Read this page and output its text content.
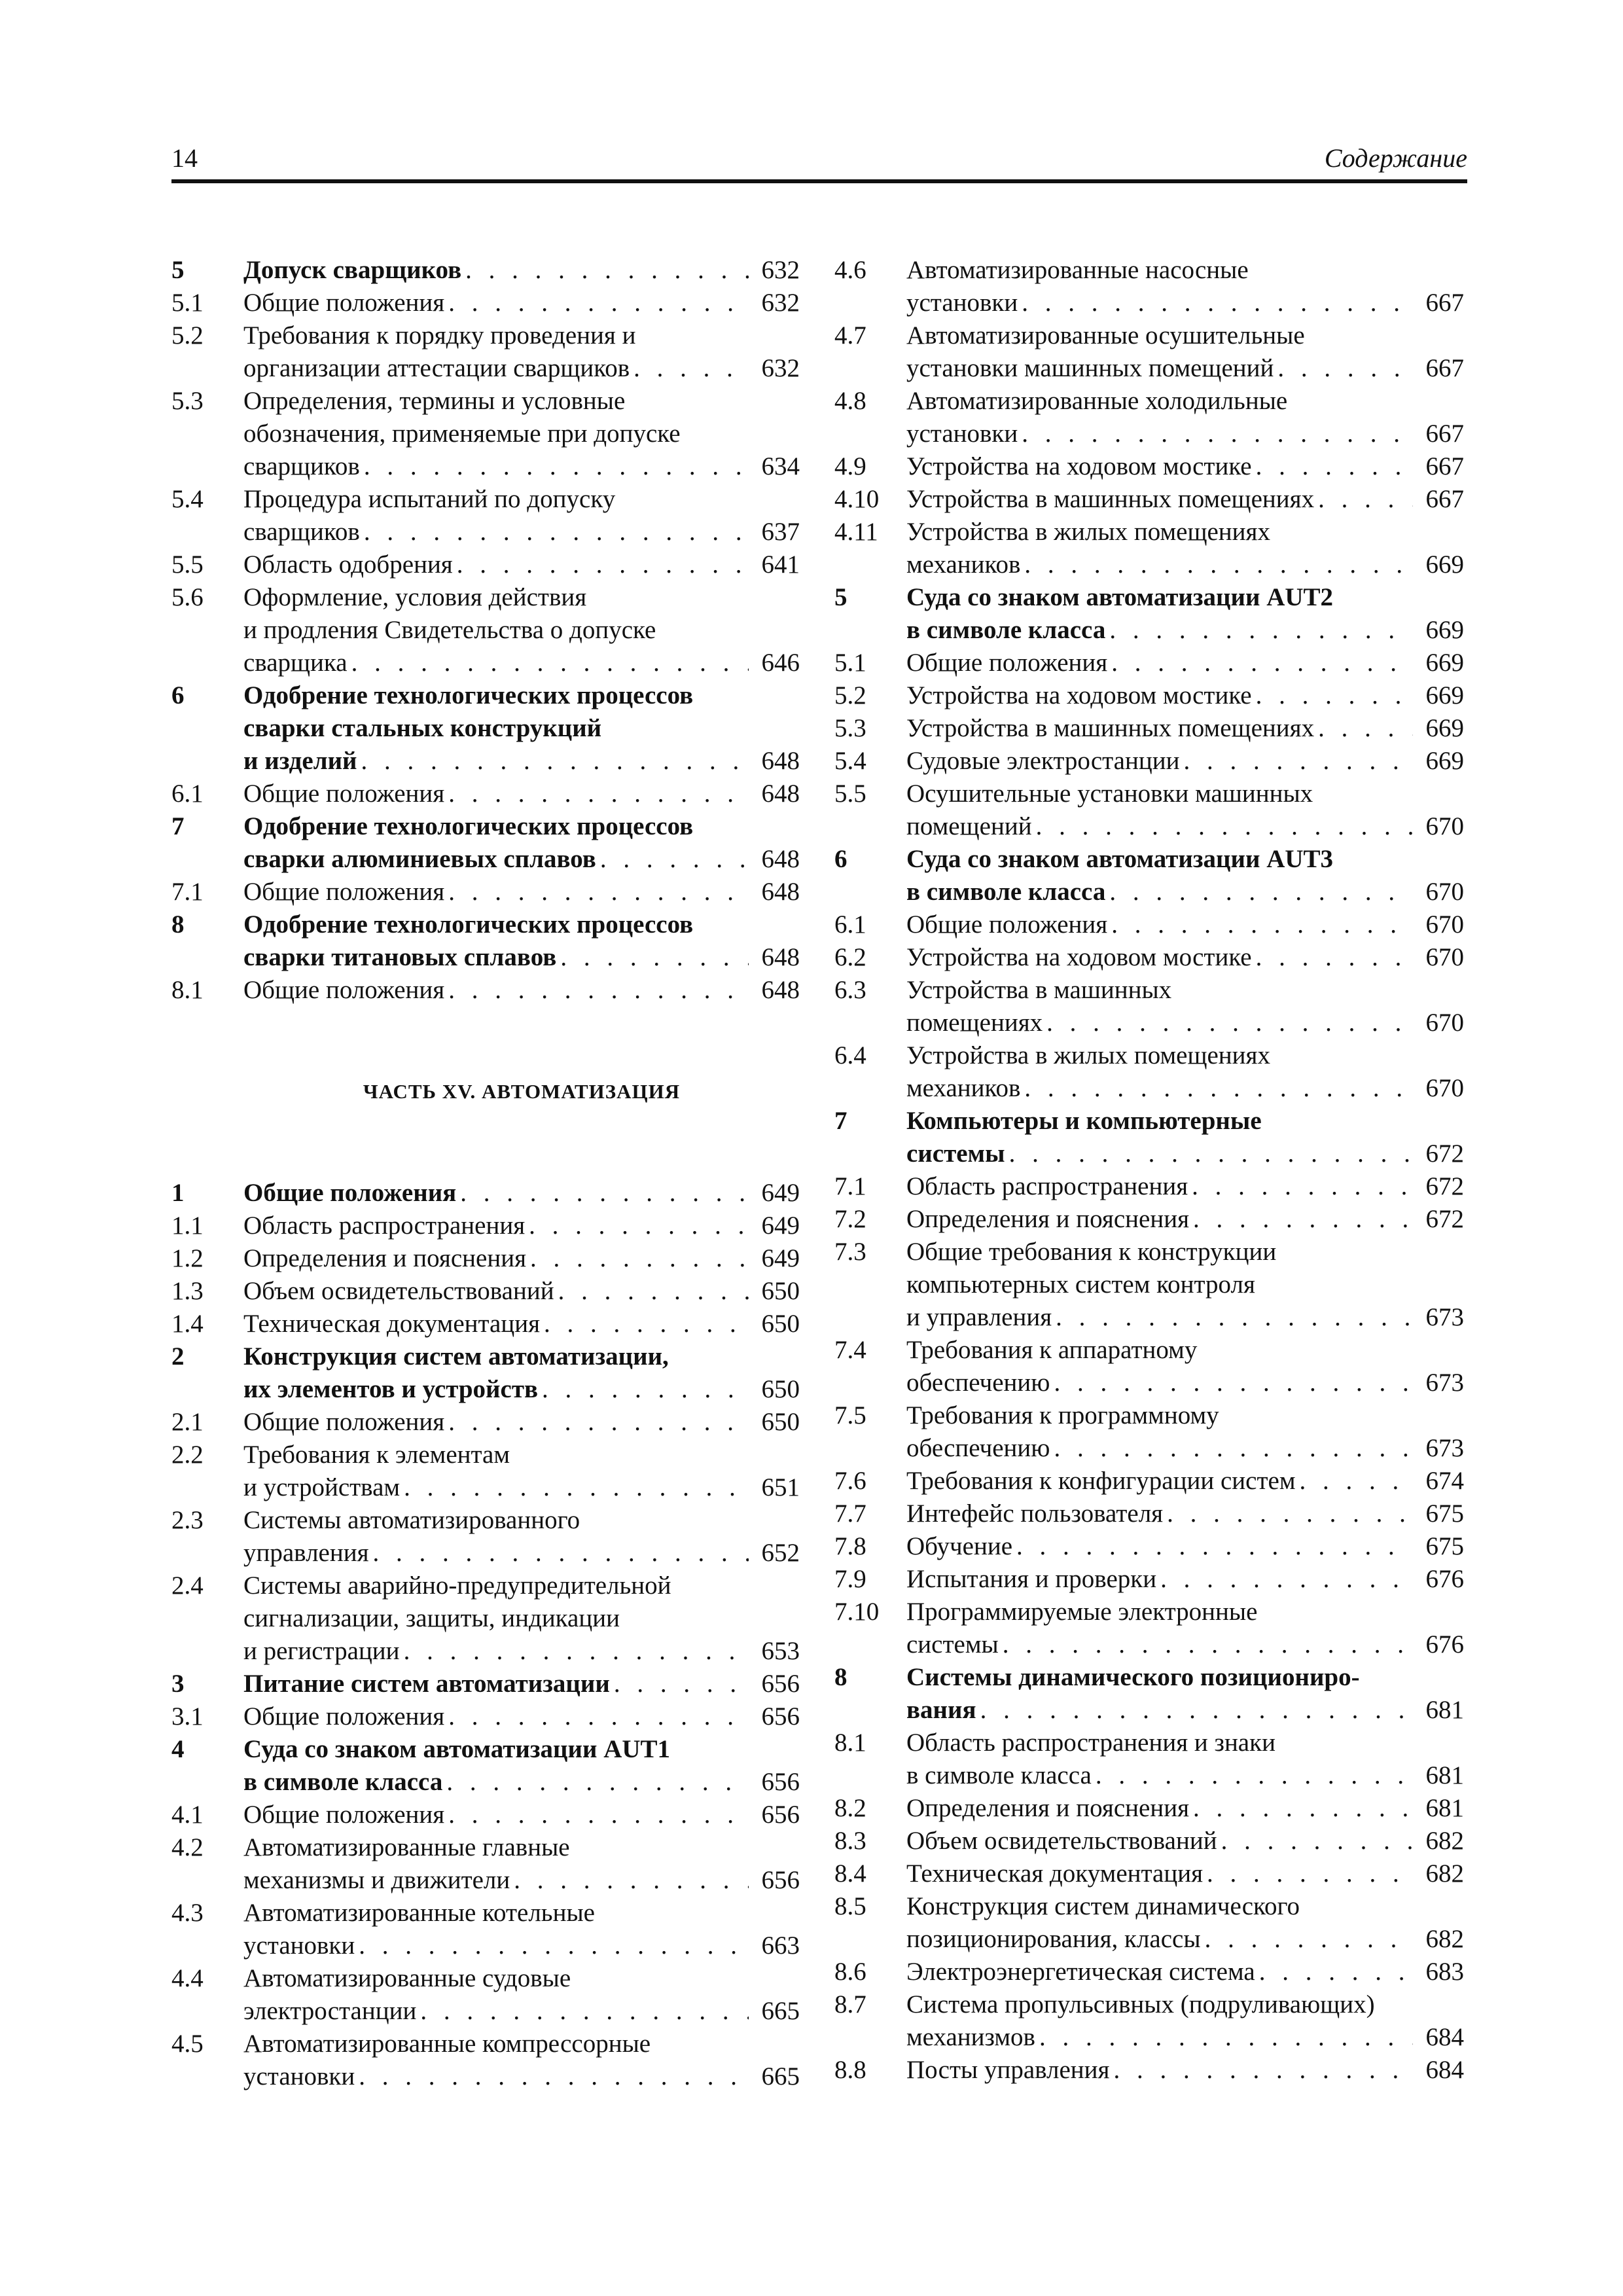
14	Содержание
5 Допуск сварщиков . . .	632
5.1 Общие положения . . .	632
5.2 Требования к порядку проведения и
организации аттестации сварщиков . . .	632
5.3 Определения, термины и условные
обозначения, применяемые при допуске
сварщиков . . .	634
5.4 Процедура испытаний по допуску
сварщиков . . .	637
5.5 Область одобрения . . .	641
5.6 Оформление, условия действия
и продления Свидетельства о допуске
сварщика . . .	646
6 Одобрение технологических процессов
сварки стальных конструкций
и изделий . . .	648
6.1 Общие положения . . .	648
7 Одобрение технологических процессов
сварки алюминиевых сплавов . . .	648
7.1 Общие положения . . .	648
8 Одобрение технологических процессов
сварки титановых сплавов . . .	648
8.1 Общие положения . . .	648
ЧАСТЬ XV. АВТОМАТИЗАЦИЯ
1 Общие положения . . .	649
1.1 Область распространения . . .	649
1.2 Определения и пояснения . . .	649
1.3 Объем освидетельствований . . .	650
1.4 Техническая документация . . .	650
2 Конструкция систем автоматизации,
их элементов и устройств . . .	650
2.1 Общие положения . . .	650
2.2 Требования к элементам
и устройствам . . .	651
2.3 Системы автоматизированного
управления . . .	652
2.4 Системы аварийно-предупредительной
сигнализации, защиты, индикации
и регистрации . . .	653
3 Питание систем автоматизации . . .	656
3.1 Общие положения . . .	656
4 Суда со знаком автоматизации AUT1
в символе класса . . .	656
4.1 Общие положения . . .	656
4.2 Автоматизированные главные
механизмы и движители . . .	656
4.3 Автоматизированные котельные
установки . . .	663
4.4 Автоматизированные судовые
электростанции . . .	665
4.5 Автоматизированные компрессорные
установки . . .	665
4.6 Автоматизированные насосные
установки . . .	667
4.7 Автоматизированные осушительные
установки машинных помещений . . .	667
4.8 Автоматизированные холодильные
установки . . .	667
4.9 Устройства на ходовом мостике . . .	667
4.10 Устройства в машинных помещениях . . .	667
4.11 Устройства в жилых помещениях
механиков . . .	669
5 Суда со знаком автоматизации AUT2
в символе класса . . .	669
5.1 Общие положения . . .	669
5.2 Устройства на ходовом мостике . . .	669
5.3 Устройства в машинных помещениях . . .	669
5.4 Судовые электростанции . . .	669
5.5 Осушительные установки машинных
помещений . . .	670
6 Суда со знаком автоматизации AUT3
в символе класса . . .	670
6.1 Общие положения . . .	670
6.2 Устройства на ходовом мостике . . .	670
6.3 Устройства в машинных
помещениях . . .	670
6.4 Устройства в жилых помещениях
механиков . . .	670
7 Компьютеры и компьютерные
системы . . .	672
7.1 Область распространения . . .	672
7.2 Определения и пояснения . . .	672
7.3 Общие требования к конструкции
компьютерных систем контроля
и управления . . .	673
7.4 Требования к аппаратному
обеспечению . . .	673
7.5 Требования к программному
обеспечению . . .	673
7.6 Требования к конфигурации систем . . .	674
7.7 Интефейс пользователя . . .	675
7.8 Обучение . . .	675
7.9 Испытания и проверки . . .	676
7.10 Программируемые электронные
системы . . .	676
8 Системы динамического позициониро-
вания . . .	681
8.1 Область распространения и знаки
в символе класса . . .	681
8.2 Определения и пояснения . . .	681
8.3 Объем освидетельствований . . .	682
8.4 Техническая документация . . .	682
8.5 Конструкция систем динамического
позиционирования, классы . . .	682
8.6 Электроэнергетическая система . . .	683
8.7 Система пропульсивных (подруливающих)
механизмов . . .	684
8.8 Посты управления . . .	684
